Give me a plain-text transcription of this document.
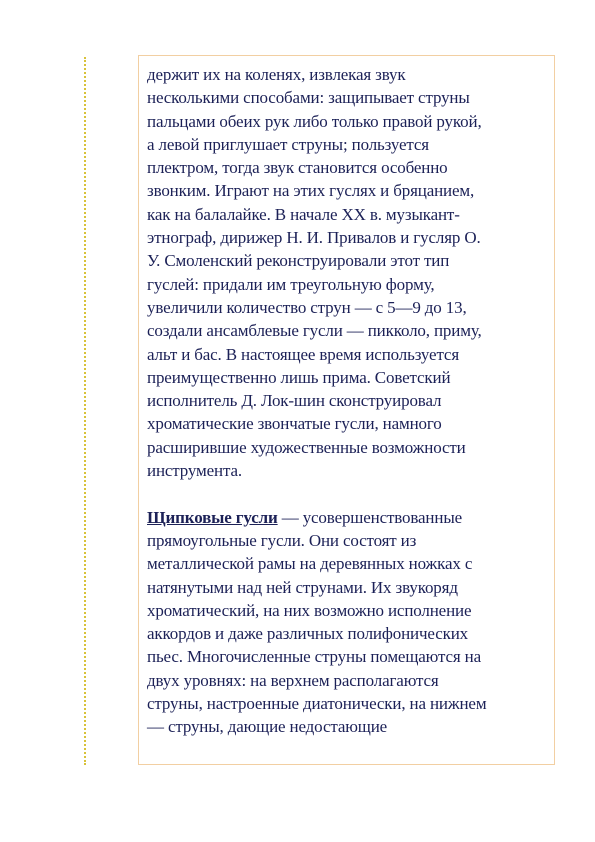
держит их на коленях, извлекая звук
несколькими способами: защипывает струны
пальцами обеих рук либо только правой рукой,
а левой приглушает струны; пользуется
плектром, тогда звук становится особенно
звонким. Играют на этих гуслях и бряцанием,
как на балалайке. В начале XX в. музыкант-
этнограф, дирижер Н. И. Привалов и гусляр О.
У. Смоленский реконструировали этот тип
гуслей: придали им треугольную форму,
увеличили количество струн — с 5—9 до 13,
создали ансамблевые гусли — пикколо, приму,
альт и бас. В настоящее время используется
преимущественно лишь прима. Советский
исполнитель Д. Лок-шин сконструировал
хроматические звончатые гусли, намного
расширившие художественные возможности
инструмента.
Щипковые гусли — усовершенствованные
прямоугольные гусли. Они состоят из
металлической рамы на деревянных ножках с
натянутыми над ней струнами. Их звукоряд
хроматический, на них возможно исполнение
аккордов и даже различных полифонических
пьес. Многочисленные струны помещаются на
двух уровнях: на верхнем располагаются
струны, настроенные диатонически, на нижнем
— струны, дающие недостающие
